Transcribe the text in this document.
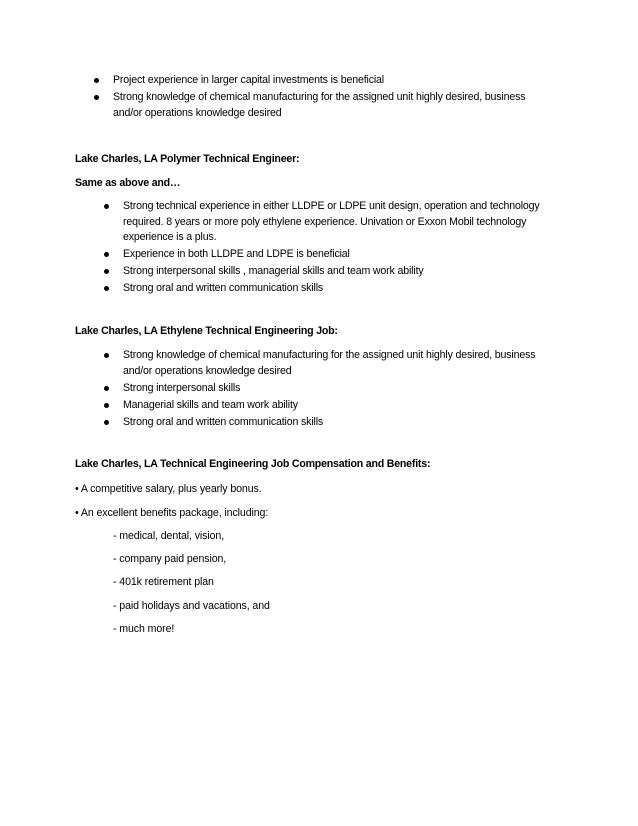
Project experience in larger capital investments is beneficial
Strong knowledge of chemical manufacturing for the assigned unit highly desired, business and/or operations knowledge desired
Lake Charles, LA Polymer Technical Engineer:
Same as above and…
Strong technical experience in either LLDPE or LDPE unit design, operation and technology required. 8 years or more poly ethylene experience. Univation or Exxon Mobil technology experience is a plus.
Experience in both LLDPE and LDPE is beneficial
Strong interpersonal skills , managerial skills and team work ability
Strong oral and written communication skills
Lake Charles, LA Ethylene Technical Engineering Job:
Strong knowledge of chemical manufacturing for the assigned unit highly desired, business and/or operations knowledge desired
Strong interpersonal skills
Managerial skills and team work ability
Strong oral and written communication skills
Lake Charles, LA Technical Engineering Job Compensation and Benefits:
• A competitive salary, plus yearly bonus.
• An excellent benefits package, including:
- medical, dental, vision,
- company paid pension,
- 401k retirement plan
- paid holidays and vacations, and
- much more!
